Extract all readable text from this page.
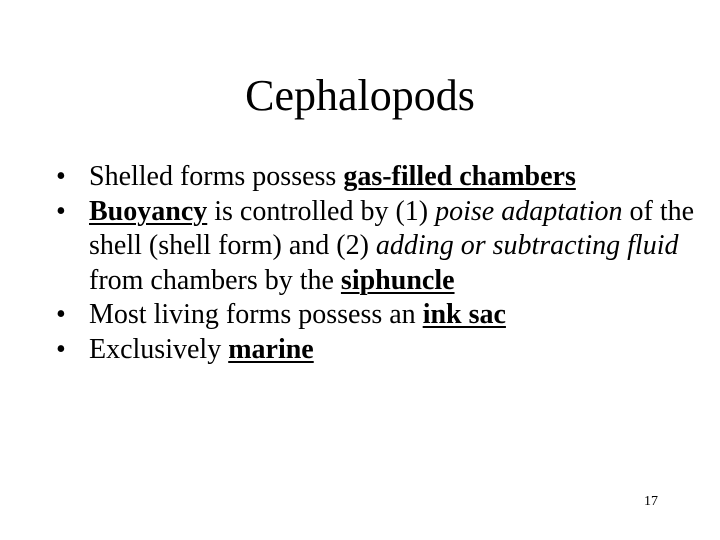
Cephalopods
• Shelled forms possess gas-filled chambers
• Buoyancy is controlled by (1) poise adaptation of the shell (shell form) and (2) adding or subtracting fluid from chambers by the siphuncle
• Most living forms possess an ink sac
• Exclusively marine
17
